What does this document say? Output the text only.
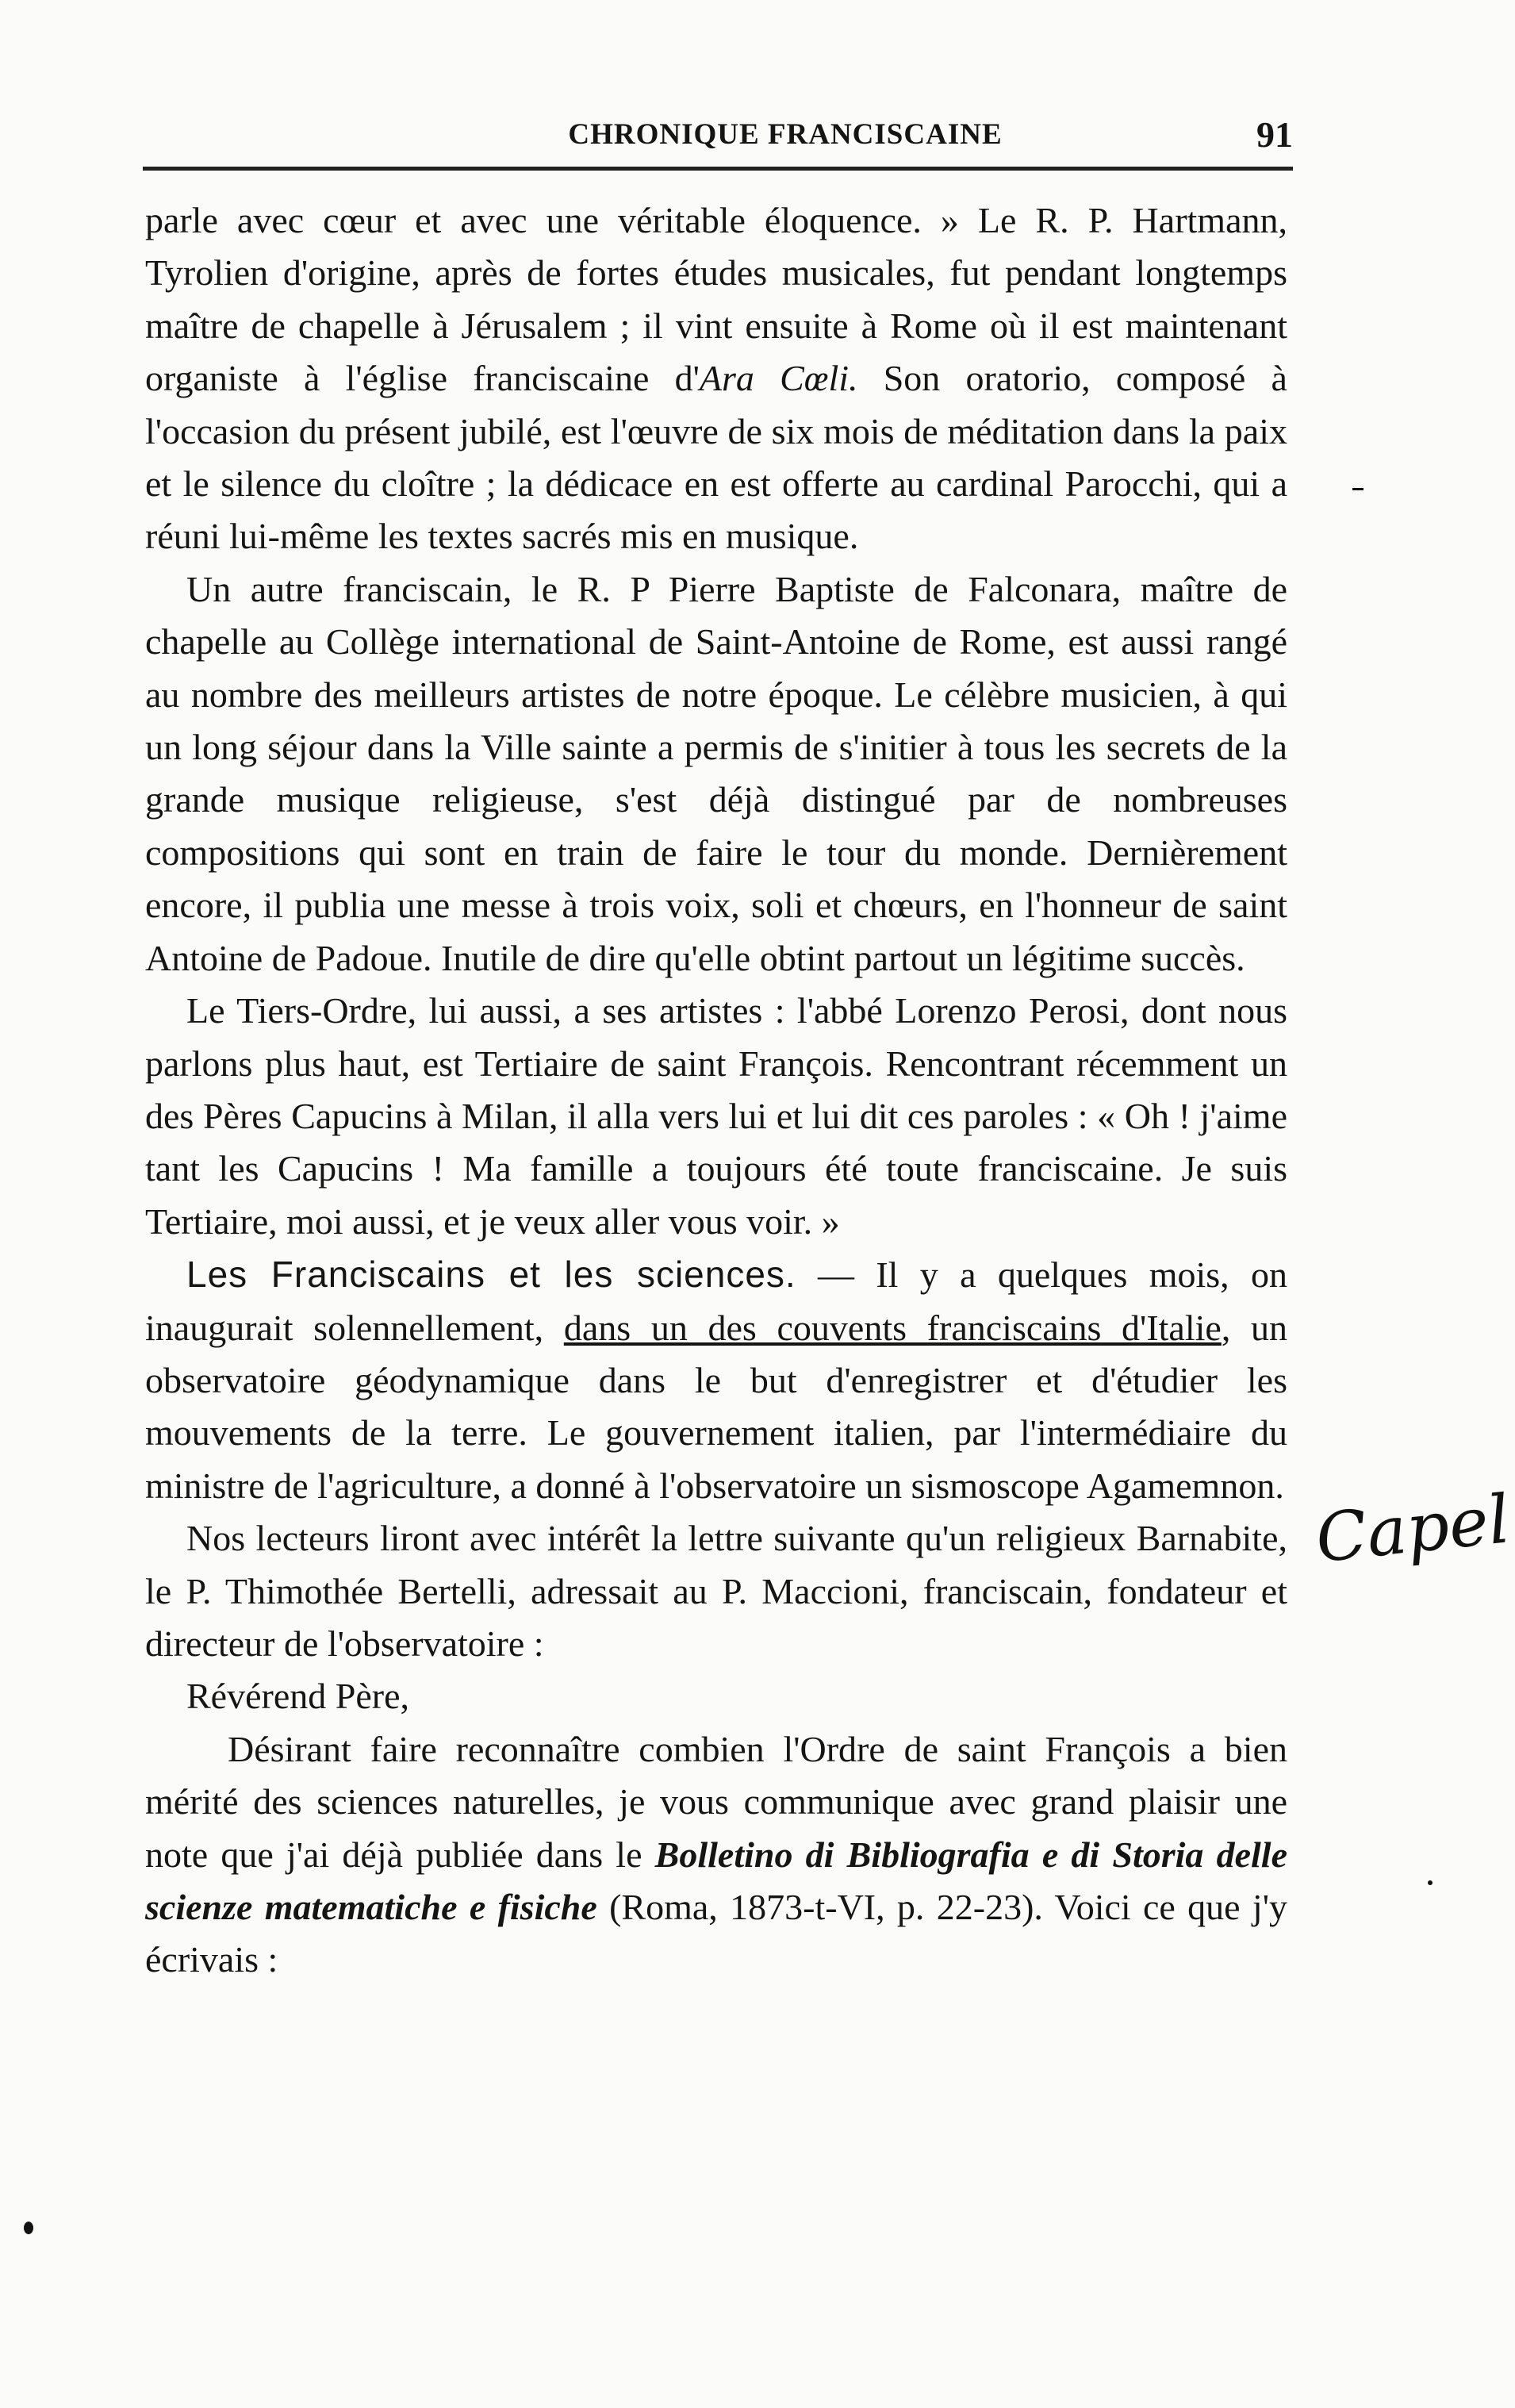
CHRONIQUE FRANCISCAINE	91

parle avec cœur et avec une véritable éloquence. » Le R. P. Hartmann, Tyrolien d'origine, après de fortes études musicales, fut pendant longtemps maître de chapelle à Jérusalem ; il vint ensuite à Rome où il est maintenant organiste à l'église franciscaine d'Ara Cœli. Son oratorio, composé à l'occasion du présent jubilé, est l'œuvre de six mois de méditation dans la paix et le silence du cloître ; la dédicace en est offerte au cardinal Parocchi, qui a réuni lui-même les textes sacrés mis en musique.

Un autre franciscain, le R. P Pierre Baptiste de Falconara, maître de chapelle au Collège international de Saint-Antoine de Rome, est aussi rangé au nombre des meilleurs artistes de notre époque. Le célèbre musicien, à qui un long séjour dans la Ville sainte a permis de s'initier à tous les secrets de la grande musique religieuse, s'est déjà distingué par de nombreuses compositions qui sont en train de faire le tour du monde. Dernièrement encore, il publia une messe à trois voix, soli et chœurs, en l'honneur de saint Antoine de Padoue. Inutile de dire qu'elle obtint partout un légitime succès.

Le Tiers-Ordre, lui aussi, a ses artistes : l'abbé Lorenzo Perosi, dont nous parlons plus haut, est Tertiaire de saint François. Rencontrant récemment un des Pères Capucins à Milan, il alla vers lui et lui dit ces paroles : « Oh ! j'aime tant les Capucins ! Ma famille a toujours été toute franciscaine. Je suis Tertiaire, moi aussi, et je veux aller vous voir. »

Les Franciscains et les sciences. — Il y a quelques mois, on inaugurait solennellement, dans un des couvents franciscains d'Italie, un observatoire géodynamique dans le but d'enregistrer et d'étudier les mouvements de la terre. Le gouvernement italien, par l'intermédiaire du ministre de l'agriculture, a donné à l'observatoire un sismoscope Agamemnon.

Nos lecteurs liront avec intérêt la lettre suivante qu'un religieux Barnabite, le P. Thimothée Bertelli, adressait au P. Maccioni, franciscain, fondateur et directeur de l'observatoire :

Révérend Père,

Désirant faire reconnaître combien l'Ordre de saint François a bien mérité des sciences naturelles, je vous communique avec grand plaisir une note que j'ai déjà publiée dans le Bolletino di Bibliografia e di Storia delle scienze matematiche e fisiche (Roma, 1873-t-VI, p. 22-23). Voici ce que j'y écrivais :

Capel
